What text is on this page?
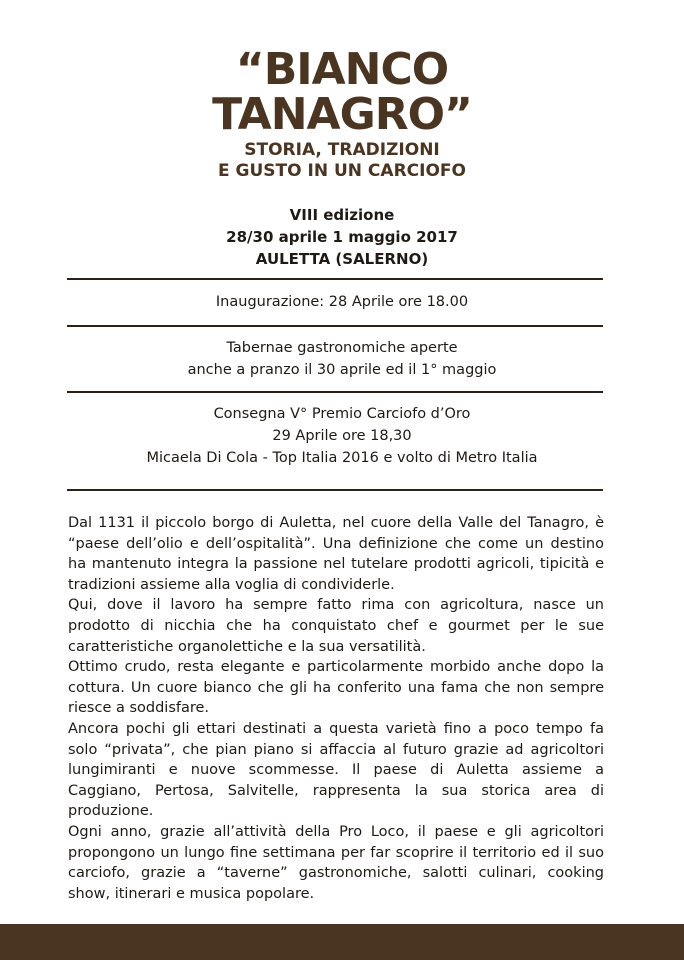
“BIANCO
TANAGRO”
STORIA, TRADIZIONI
E GUSTO IN UN CARCIOFO
VIII edizione
28/30 aprile 1 maggio 2017
AULETTA (SALERNO)
Inaugurazione: 28 Aprile ore 18.00
Tabernae gastronomiche aperte
anche a pranzo il 30 aprile ed il 1° maggio
Consegna V° Premio Carciofo d’Oro
29 Aprile ore 18,30
Micaela Di Cola - Top Italia 2016 e volto di Metro Italia

Dal 1131 il piccolo borgo di Auletta, nel cuore della Valle del Tanagro, è “paese dell’olio e dell’ospitalità”. Una definizione che come un destino ha mantenuto integra la passione nel tutelare prodotti agricoli, tipicità e tradizioni assieme alla voglia di condividerle.

Qui, dove il lavoro ha sempre fatto rima con agricoltura, nasce un prodotto di nicchia che ha conquistato chef e gourmet per le sue caratteristiche organolettiche e la sua versatilità.

Ottimo crudo, resta elegante e particolarmente morbido anche dopo la cottura. Un cuore bianco che gli ha conferito una fama che non sempre riesce a soddisfare.

Ancora pochi gli ettari destinati a questa varietà fino a poco tempo fa solo “privata”, che pian piano si affaccia al futuro grazie ad agricoltori lungimiranti e nuove scommesse. Il paese di Auletta assieme a Caggiano, Pertosa, Salvitelle, rappresenta la sua storica area di produzione.

Ogni anno, grazie all’attività della Pro Loco, il paese e gli agricoltori propongono un lungo fine settimana per far scoprire il territorio ed il suo carciofo, grazie a “taverne” gastronomiche, salotti culinari, cooking show, itinerari e musica popolare.
